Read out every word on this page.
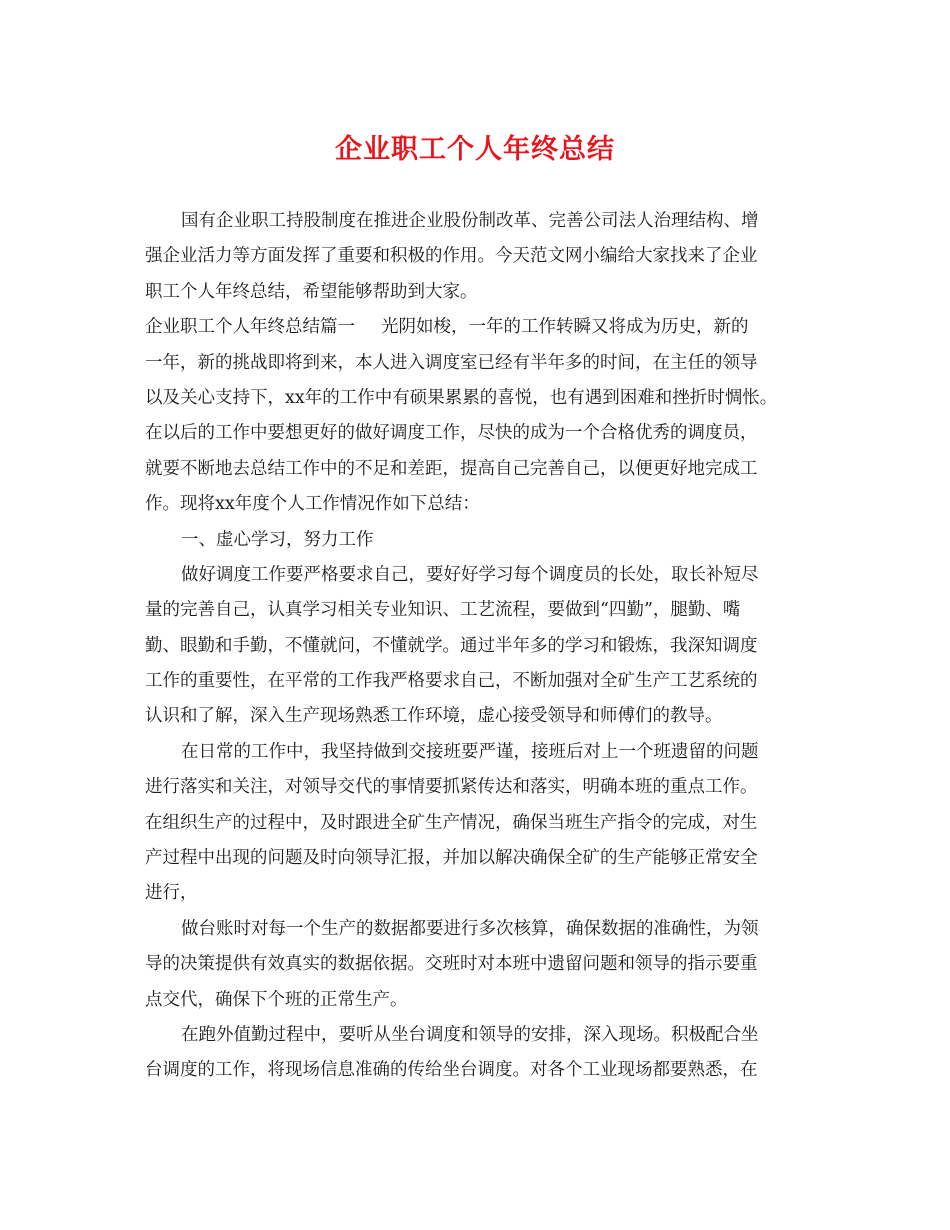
企业职工个人年终总结
国有企业职工持股制度在推进企业股份制改革、完善公司法人治理结构、增
强企业活力等方面发挥了重要和积极的作用。今天范文网小编给大家找来了企业
职工个人年终总结，希望能够帮助到大家。
企业职工个人年终总结篇一 光阴如梭，一年的工作转瞬又将成为历史，新的
一年，新的挑战即将到来，本人进入调度室已经有半年多的时间，在主任的领导
以及关心支持下，xx年的工作中有硕果累累的喜悦，也有遇到困难和挫折时惆怅。
在以后的工作中要想更好的做好调度工作，尽快的成为一个合格优秀的调度员，
就要不断地去总结工作中的不足和差距，提高自己完善自己，以便更好地完成工
作。现将xx年度个人工作情况作如下总结：
一、虚心学习，努力工作
做好调度工作要严格要求自己，要好好学习每个调度员的长处，取长补短尽
量的完善自己，认真学习相关专业知识、工艺流程，要做到“四勤”，腿勤、嘴
勤、眼勤和手勤，不懂就问，不懂就学。通过半年多的学习和锻炼，我深知调度
工作的重要性，在平常的工作我严格要求自己，不断加强对全矿生产工艺系统的
认识和了解，深入生产现场熟悉工作环境，虚心接受领导和师傅们的教导。
在日常的工作中，我坚持做到交接班要严谨，接班后对上一个班遗留的问题
进行落实和关注，对领导交代的事情要抓紧传达和落实，明确本班的重点工作。
在组织生产的过程中，及时跟进全矿生产情况，确保当班生产指令的完成，对生
产过程中出现的问题及时向领导汇报，并加以解决确保全矿的生产能够正常安全
进行，
做台账时对每一个生产的数据都要进行多次核算，确保数据的准确性，为领
导的决策提供有效真实的数据依据。交班时对本班中遗留问题和领导的指示要重
点交代，确保下个班的正常生产。
在跑外值勤过程中，要听从坐台调度和领导的安排，深入现场。积极配合坐
台调度的工作，将现场信息准确的传给坐台调度。对各个工业现场都要熟悉，在
